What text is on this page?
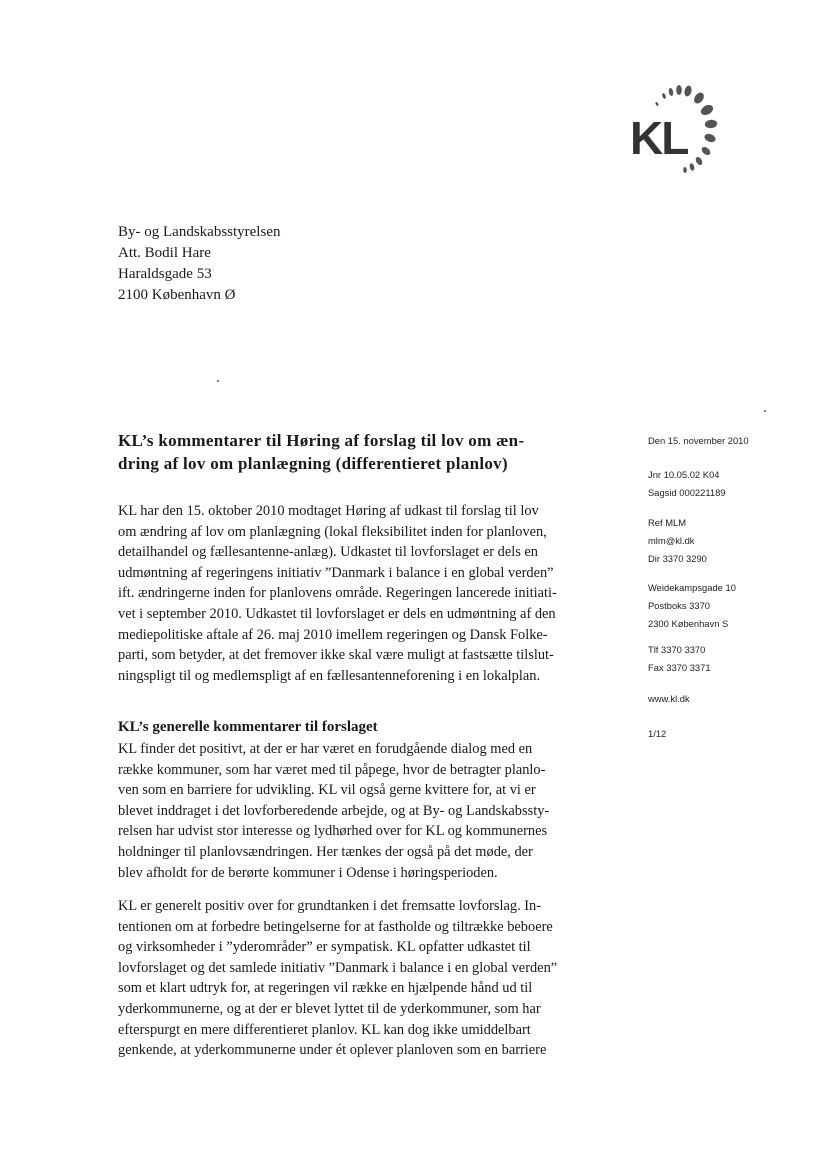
KL
By- og Landskabsstyrelsen
Att. Bodil Hare
Haraldsgade 53
2100 København Ø
KL’s kommentarer til Høring af forslag til lov om æn-
dring af lov om planlægning (differentieret planlov)
Den 15. november 2010
Jnr 10.05.02 K04
Sagsid 000221189
Ref MLM
mlm@kl.dk
Dir 3370 3290
Weidekampsgade 10
Postboks 3370
2300 København S
Tlf 3370 3370
Fax 3370 3371
www.kl.dk
1/12
KL har den 15. oktober 2010 modtaget Høring af udkast til forslag til lov
om ændring af lov om planlægning (lokal fleksibilitet inden for planloven,
detailhandel og fællesantenne-anlæg). Udkastet til lovforslaget er dels en
udmøntning af regeringens initiativ ”Danmark i balance i en global verden”
ift. ændringerne inden for planlovens område. Regeringen lancerede initiati-
vet i september 2010. Udkastet til lovforslaget er dels en udmøntning af den
mediepolitiske aftale af 26. maj 2010 imellem regeringen og Dansk Folke-
parti, som betyder, at det fremover ikke skal være muligt at fastsætte tilslut-
ningspligt til og medlemspligt af en fællesantenneforening i en lokalplan.
KL’s generelle kommentarer til forslaget
KL finder det positivt, at der er har været en forudgående dialog med en
række kommuner, som har været med til påpege, hvor de betragter planlo-
ven som en barriere for udvikling. KL vil også gerne kvittere for, at vi er
blevet inddraget i det lovforberedende arbejde, og at By- og Landskabssty-
relsen har udvist stor interesse og lydhørhed over for KL og kommunernes
holdninger til planlovsændringen. Her tænkes der også på det møde, der
blev afholdt for de berørte kommuner i Odense i høringsperioden.
KL er generelt positiv over for grundtanken i det fremsatte lovforslag. In-
tentionen om at forbedre betingelserne for at fastholde og tiltrække beboere
og virksomheder i ”yderområder” er sympatisk. KL opfatter udkastet til
lovforslaget og det samlede initiativ ”Danmark i balance i en global verden”
som et klart udtryk for, at regeringen vil række en hjælpende hånd ud til
yderkommunerne, og at der er blevet lyttet til de yderkommuner, som har
efterspurgt en mere differentieret planlov. KL kan dog ikke umiddelbart
genkende, at yderkommunerne under ét oplever planloven som en barriere
